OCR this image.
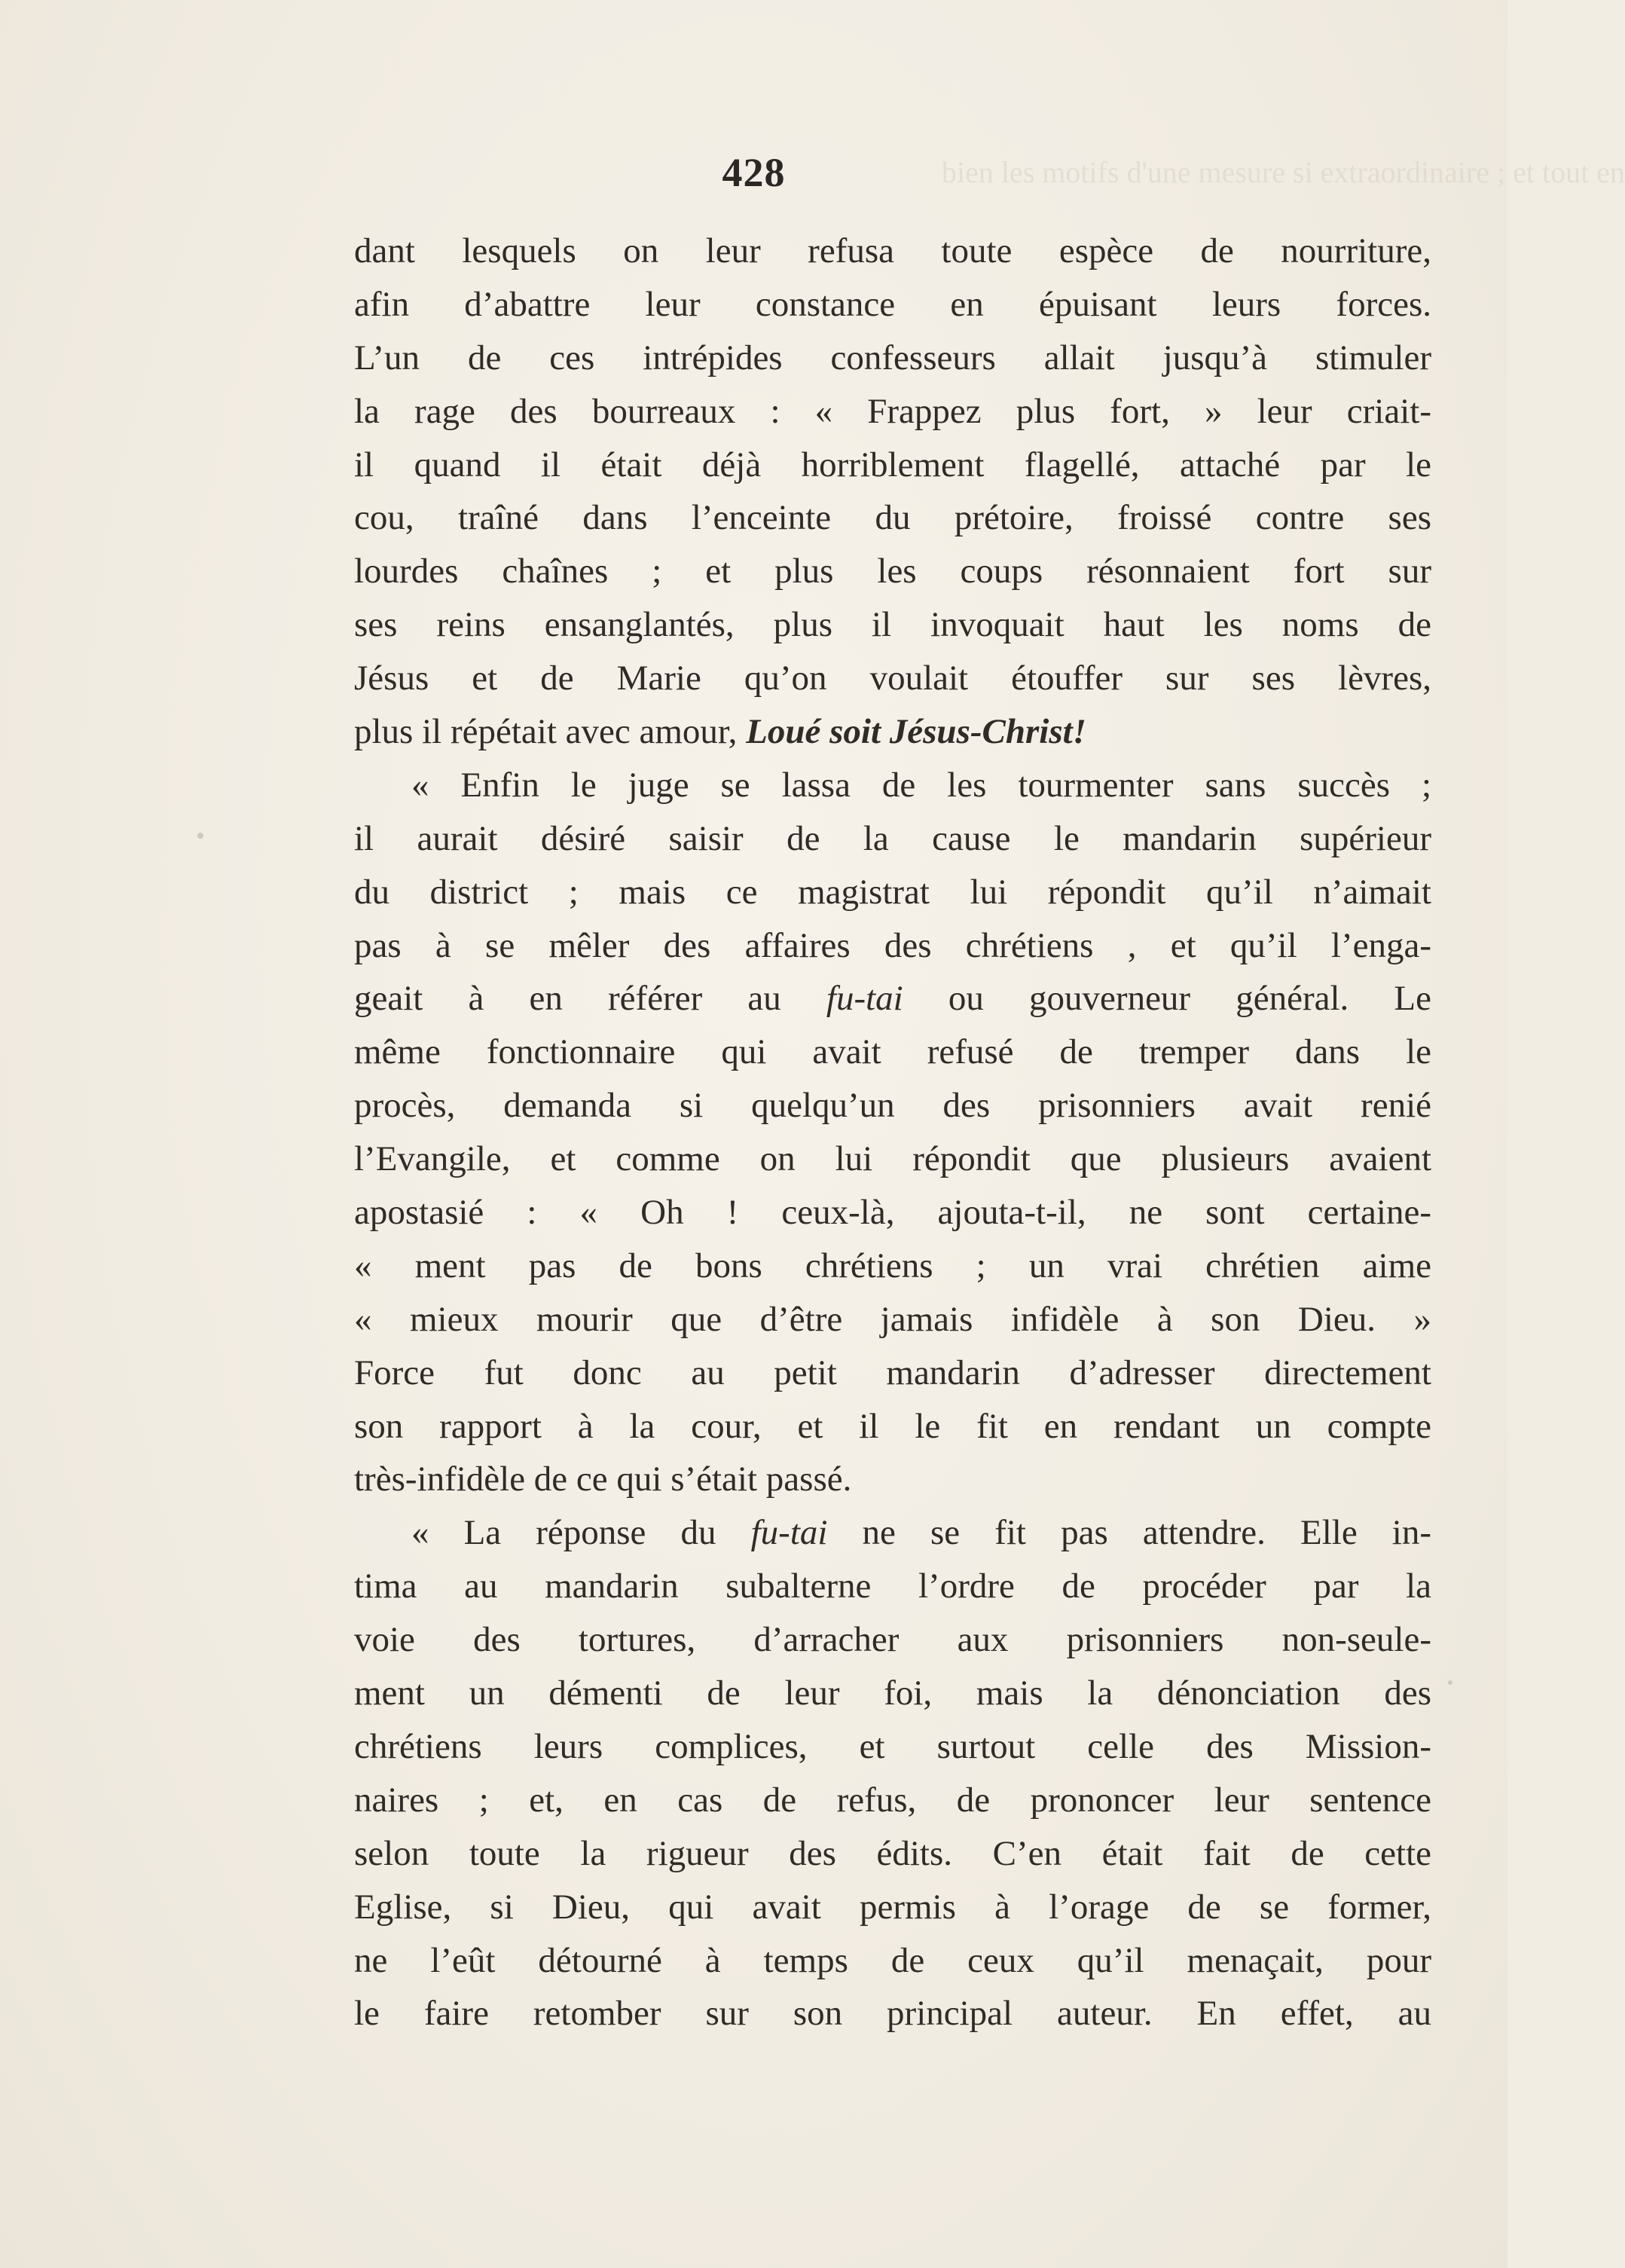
bien les motifs d'une mesure si extraordinaire ; et tout en
428
dant lesquels on leur refusa toute espèce de nourriture,
afin d’abattre leur constance en épuisant leurs forces.
L’un de ces intrépides confesseurs allait jusqu’à stimuler
la rage des bourreaux : « Frappez plus fort, » leur criait-
il quand il était déjà horriblement flagellé, attaché par le
cou, traîné dans l’enceinte du prétoire, froissé contre ses
lourdes chaînes ; et plus les coups résonnaient fort sur
ses reins ensanglantés, plus il invoquait haut les noms de
Jésus et de Marie qu’on voulait étouffer sur ses lèvres,
plus il répétait avec amour, Loué soit Jésus-Christ!
« Enfin le juge se lassa de les tourmenter sans succès ;
il aurait désiré saisir de la cause le mandarin supérieur
du district ; mais ce magistrat lui répondit qu’il n’aimait
pas à se mêler des affaires des chrétiens , et qu’il l’enga-
geait à en référer au fu-tai ou gouverneur général. Le
même fonctionnaire qui avait refusé de tremper dans le
procès, demanda si quelqu’un des prisonniers avait renié
l’Evangile, et comme on lui répondit que plusieurs avaient
apostasié : « Oh ! ceux-là, ajouta-t-il, ne sont certaine-
« ment pas de bons chrétiens ; un vrai chrétien aime
« mieux mourir que d’être jamais infidèle à son Dieu. »
Force fut donc au petit mandarin d’adresser directement
son rapport à la cour, et il le fit en rendant un compte
très-infidèle de ce qui s’était passé.
« La réponse du fu-tai ne se fit pas attendre. Elle in-
tima au mandarin subalterne l’ordre de procéder par la
voie des tortures, d’arracher aux prisonniers non-seule-
ment un démenti de leur foi, mais la dénonciation des
chrétiens leurs complices, et surtout celle des Mission-
naires ; et, en cas de refus, de prononcer leur sentence
selon toute la rigueur des édits. C’en était fait de cette
Eglise, si Dieu, qui avait permis à l’orage de se former,
ne l’eût détourné à temps de ceux qu’il menaçait, pour
le faire retomber sur son principal auteur. En effet, au
